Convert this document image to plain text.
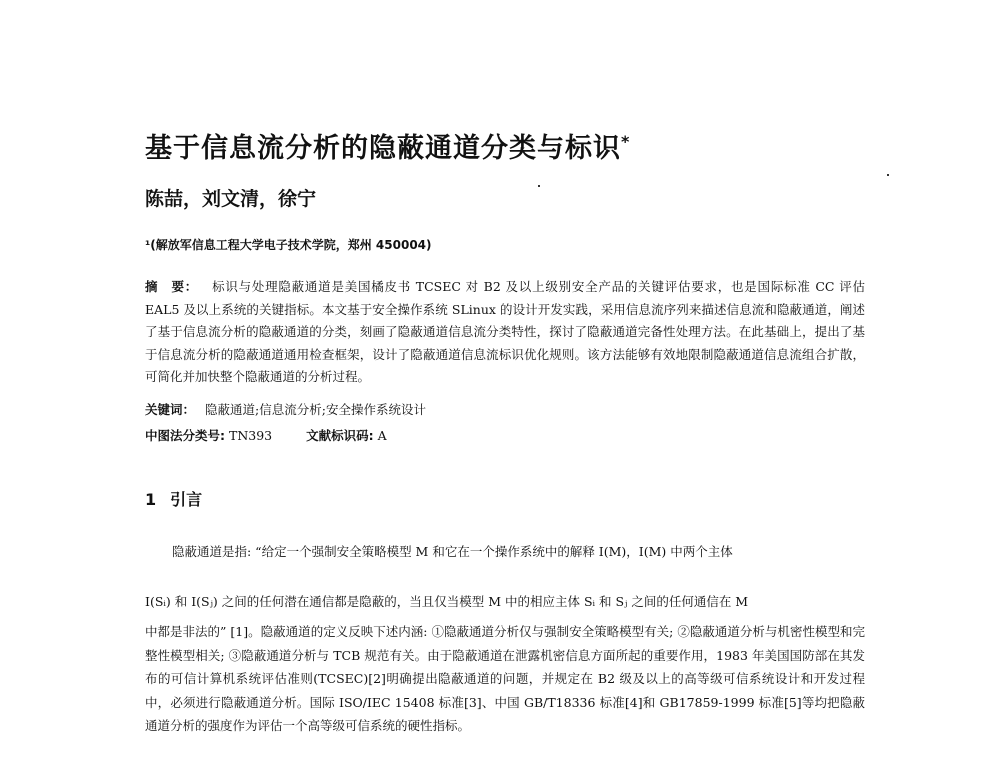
基于信息流分析的隐蔽通道分类与标识*
陈喆，刘文清，徐宁
¹(解放军信息工程大学电子技术学院，郑州 450004)
摘　要： 标识与处理隐蔽通道是美国橘皮书 TCSEC 对 B2 及以上级别安全产品的关键评估要求，也是国际标准 CC 评估 EAL5 及以上系统的关键指标。本文基于安全操作系统 SLinux 的设计开发实践，采用信息流序列来描述信息流和隐蔽通道，阐述了基于信息流分析的隐蔽通道的分类，刻画了隐蔽通道信息流分类特性，探讨了隐蔽通道完备性处理方法。在此基础上，提出了基于信息流分析的隐蔽通道通用检查框架，设计了隐蔽通道信息流标识优化规则。该方法能够有效地限制隐蔽通道信息流组合扩散，可简化并加快整个隐蔽通道的分析过程。
关键词： 隐蔽通道;信息流分析;安全操作系统设计
中图法分类号: TN393	文献标识码: A
1 引言
隐蔽通道是指: “给定一个强制安全策略模型 M 和它在一个操作系统中的解释 I(M)，I(M) 中两个主体
I(Sᵢ) 和 I(Sⱼ) 之间的任何潜在通信都是隐蔽的，当且仅当模型 M 中的相应主体 Sᵢ 和 Sⱼ 之间的任何通信在 M
中都是非法的” [1]。隐蔽通道的定义反映下述内涵: ①隐蔽通道分析仅与强制安全策略模型有关; ②隐蔽通道分析与机密性模型和完整性模型相关; ③隐蔽通道分析与 TCB 规范有关。由于隐蔽通道在泄露机密信息方面所起的重要作用，1983 年美国国防部在其发布的可信计算机系统评估准则(TCSEC)[2]明确提出隐蔽通道的问题，并规定在 B2 级及以上的高等级可信系统设计和开发过程中，必须进行隐蔽通道分析。国际 ISO/IEC 15408 标准[3]、中国 GB/T18336 标准[4]和 GB17859-1999 标准[5]等均把隐蔽通道分析的强度作为评估一个高等级可信系统的硬性指标。
